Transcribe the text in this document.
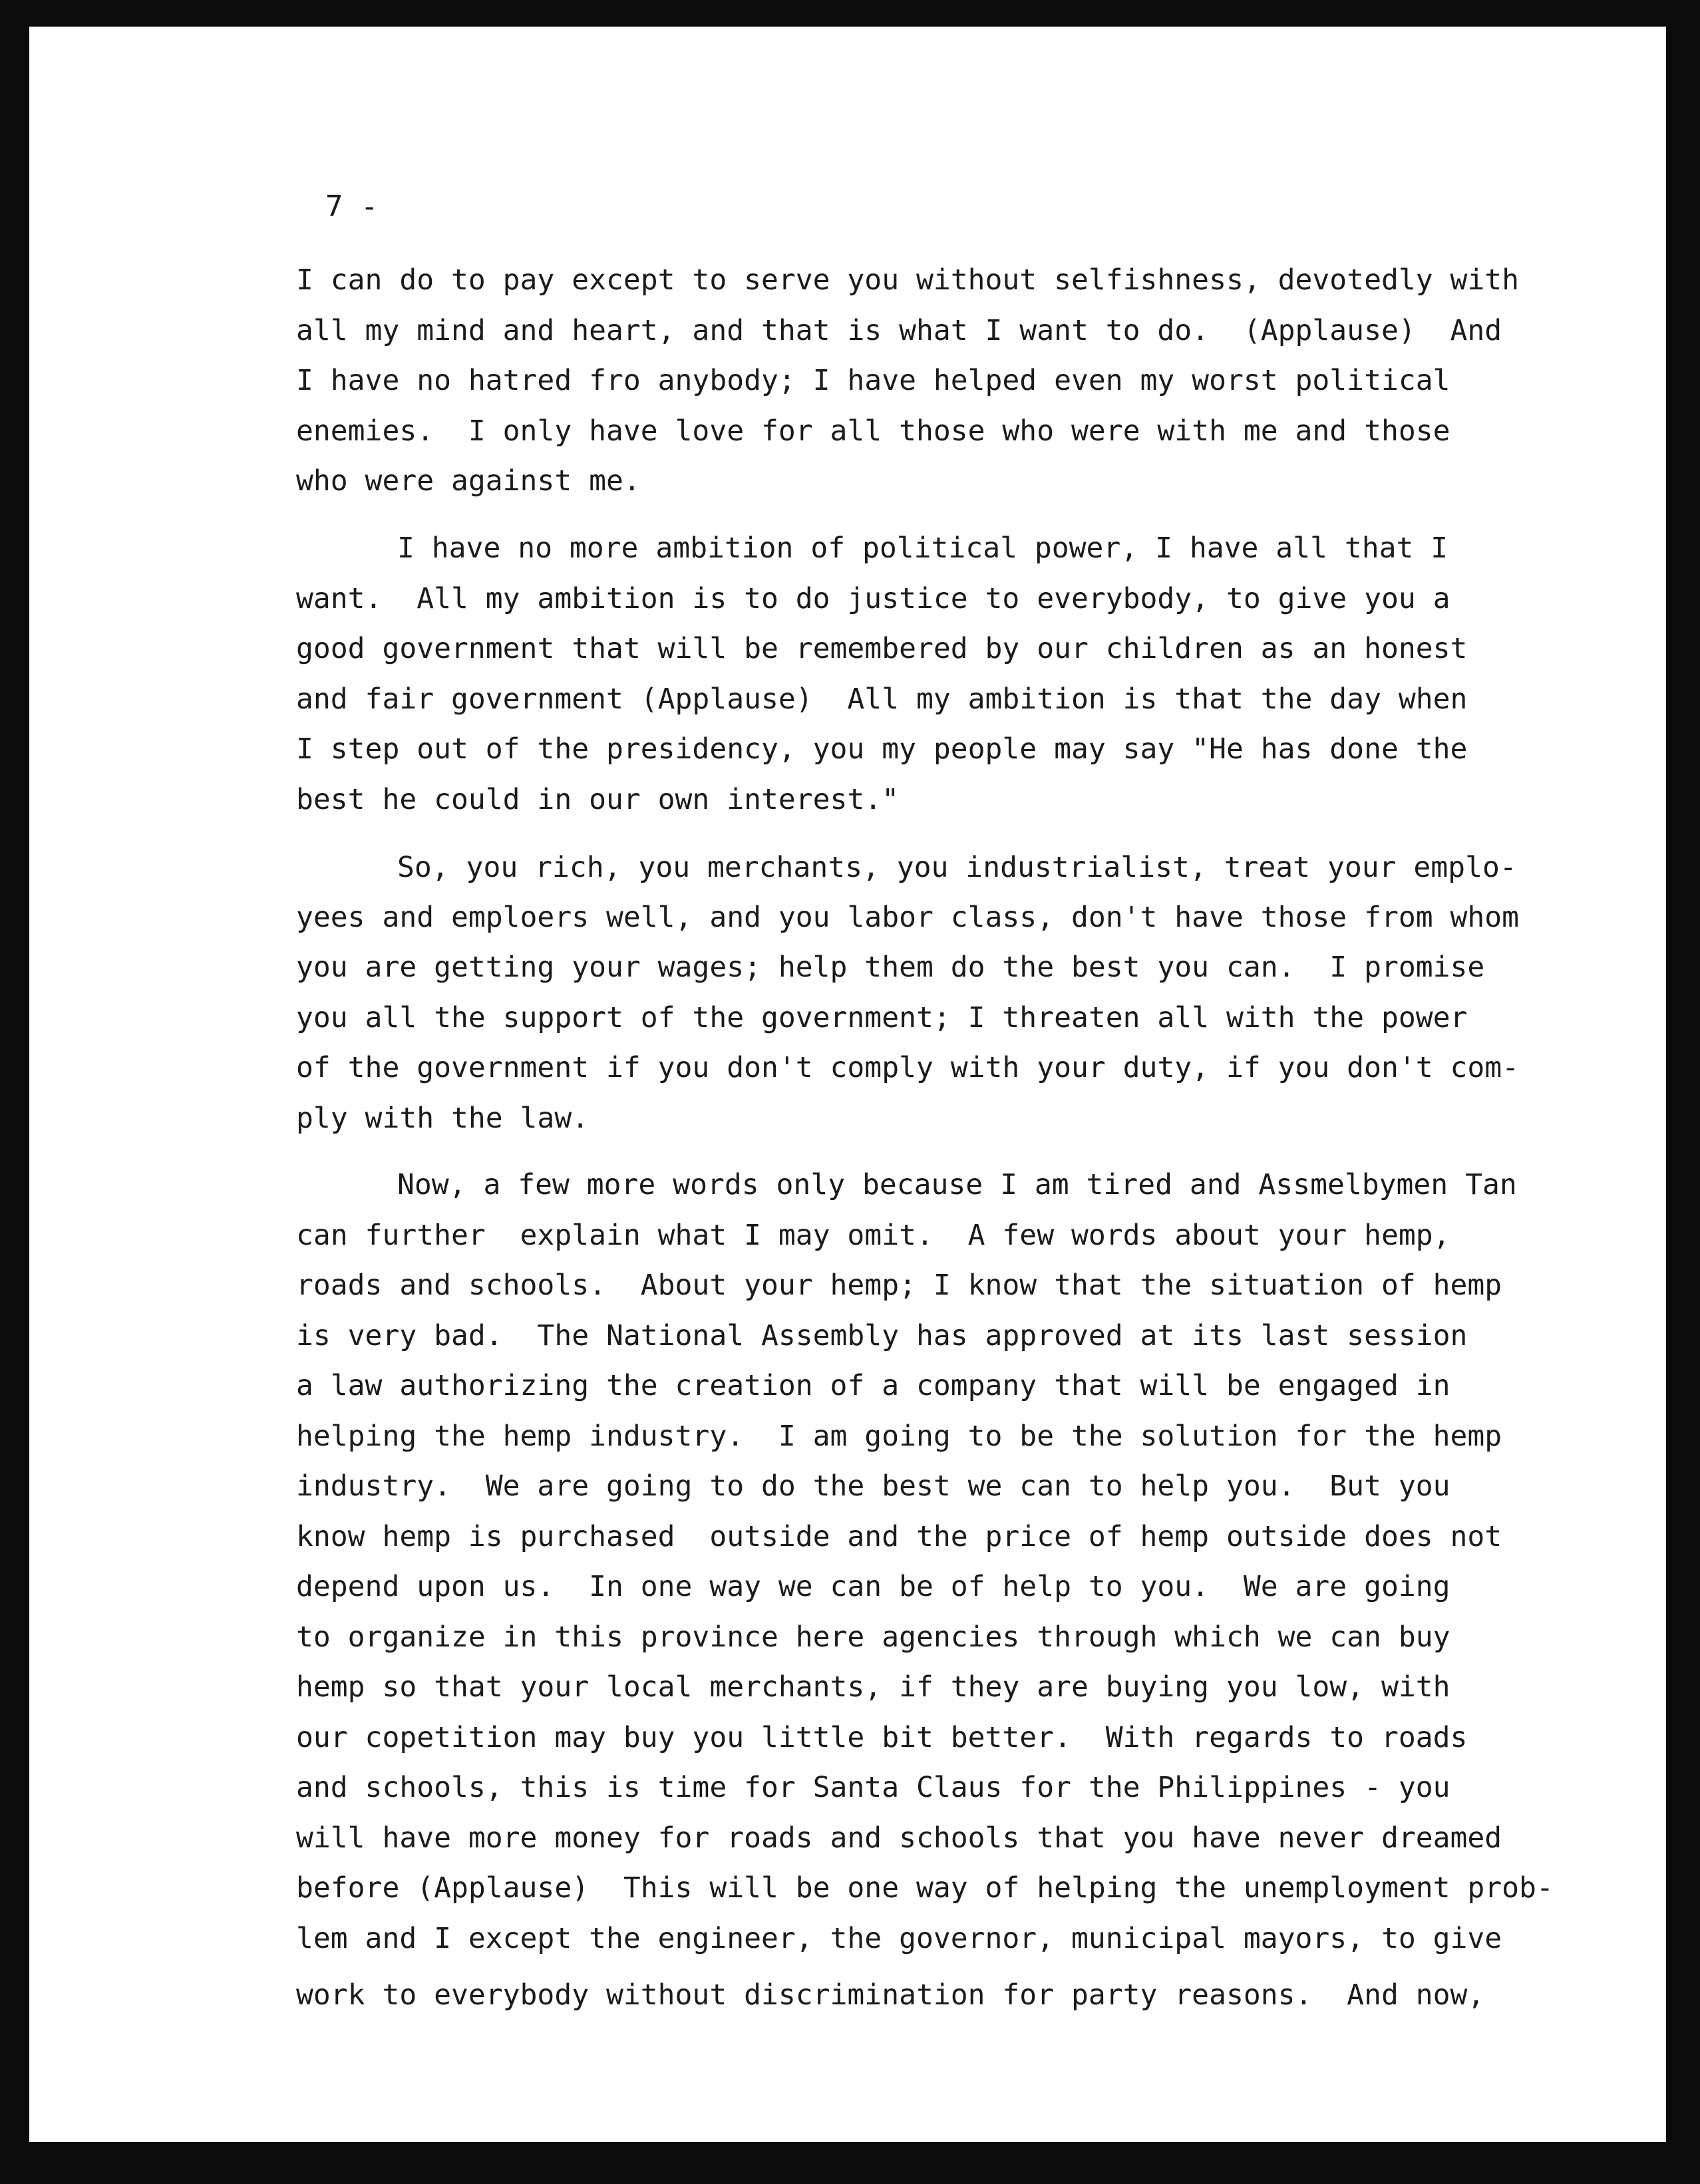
7 -
I can do to pay except to serve you without selfishness, devotedly with
all my mind and heart, and that is what I want to do.  (Applause)  And
I have no hatred fro anybody; I have helped even my worst political
enemies.  I only have love for all those who were with me and those
who were against me.
I have no more ambition of political power, I have all that I
want.  All my ambition is to do justice to everybody, to give you a
good government that will be remembered by our children as an honest
and fair government (Applause)  All my ambition is that the day when
I step out of the presidency, you my people may say "He has done the
best he could in our own interest."
So, you rich, you merchants, you industrialist, treat your emplo-
yees and emploers well, and you labor class, don't have those from whom
you are getting your wages; help them do the best you can.  I promise
you all the support of the government; I threaten all with the power
of the government if you don't comply with your duty, if you don't com-
ply with the law.
Now, a few more words only because I am tired and Assmelbymen Tan
can further  explain what I may omit.  A few words about your hemp,
roads and schools.  About your hemp; I know that the situation of hemp
is very bad.  The National Assembly has approved at its last session
a law authorizing the creation of a company that will be engaged in
helping the hemp industry.  I am going to be the solution for the hemp
industry.  We are going to do the best we can to help you.  But you
know hemp is purchased  outside and the price of hemp outside does not
depend upon us.  In one way we can be of help to you.  We are going
to organize in this province here agencies through which we can buy
hemp so that your local merchants, if they are buying you low, with
our copetition may buy you little bit better.  With regards to roads
and schools, this is time for Santa Claus for the Philippines - you
will have more money for roads and schools that you have never dreamed
before (Applause)  This will be one way of helping the unemployment prob-
lem and I except the engineer, the governor, municipal mayors, to give
work to everybody without discrimination for party reasons.  And now,
